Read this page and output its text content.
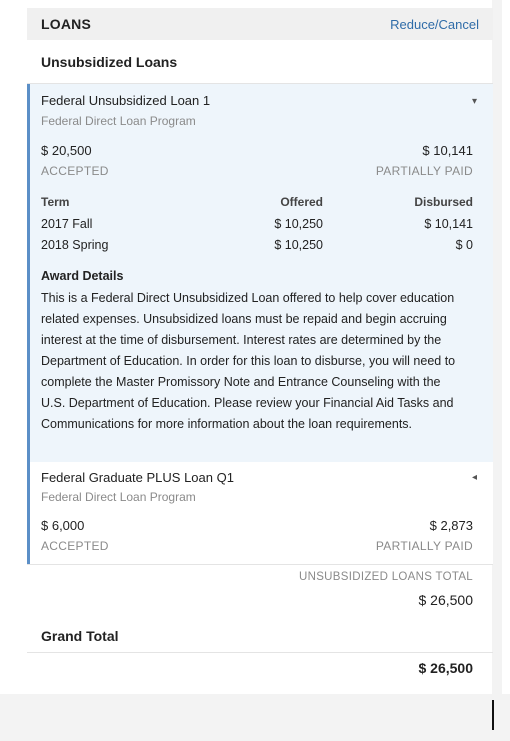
LOANS	Reduce/Cancel
Unsubsidized Loans
Federal Unsubsidized Loan 1	▾
Federal Direct Loan Program
$ 20,500	$ 10,141
ACCEPTED	PARTIALLY PAID
Term	Offered	Disbursed
2017 Fall	$ 10,250	$ 10,141
2018 Spring	$ 10,250	$ 0
Award Details
This is a Federal Direct Unsubsidized Loan offered to help cover education related expenses. Unsubsidized loans must be repaid and begin accruing interest at the time of disbursement. Interest rates are determined by the Department of Education. In order for this loan to disburse, you will need to complete the Master Promissory Note and Entrance Counseling with the U.S. Department of Education. Please review your Financial Aid Tasks and Communications for more information about the loan requirements.
Federal Graduate PLUS Loan Q1	◂
Federal Direct Loan Program
$ 6,000	$ 2,873
ACCEPTED	PARTIALLY PAID
UNSUBSIDIZED LOANS TOTAL
$ 26,500
Grand Total
$ 26,500
